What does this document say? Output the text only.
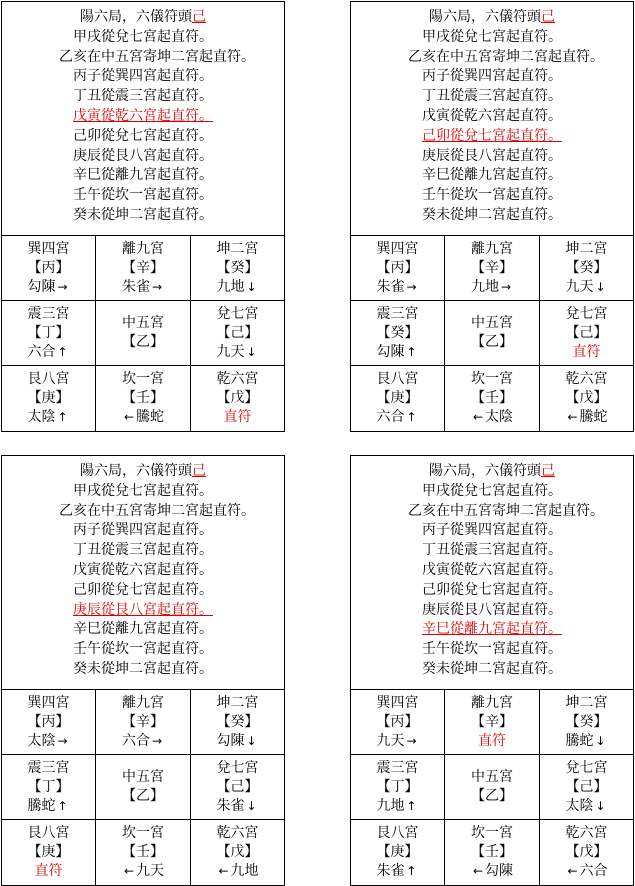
陽六局，六儀符頭己
甲戌從兌七宮起直符。
乙亥在中五宮寄坤二宮起直符。
丙子從巽四宮起直符。
丁丑從震三宮起直符。
戊寅從乾六宮起直符。
己卯從兌七宮起直符。
庚辰從艮八宮起直符。
辛巳從離九宮起直符。
壬午從坎一宮起直符。
癸未從坤二宮起直符。
巽四宮
【丙】
勾陳 →
離九宮
【辛】
朱雀 →
坤二宮
【癸】
九地 ↓
震三宮
【丁】
六合 ↑
中五宮
【乙】
兌七宮
【己】
九天 ↓
艮八宮
【庚】
太陰 ↑
坎一宮
【壬】
← 騰蛇
乾六宮
【戊】
直符
陽六局，六儀符頭己
甲戌從兌七宮起直符。
乙亥在中五宮寄坤二宮起直符。
丙子從巽四宮起直符。
丁丑從震三宮起直符。
戊寅從乾六宮起直符。
己卯從兌七宮起直符。
庚辰從艮八宮起直符。
辛巳從離九宮起直符。
壬午從坎一宮起直符。
癸未從坤二宮起直符。
巽四宮
【丙】
朱雀 →
離九宮
【辛】
九地 →
坤二宮
【癸】
九天 ↓
震三宮
【癸】
勾陳 ↑
中五宮
【乙】
兌七宮
【己】
直符
艮八宮
【庚】
六合 ↑
坎一宮
【壬】
← 太陰
乾六宮
【戊】
← 騰蛇
陽六局，六儀符頭己
甲戌從兌七宮起直符。
乙亥在中五宮寄坤二宮起直符。
丙子從巽四宮起直符。
丁丑從震三宮起直符。
戊寅從乾六宮起直符。
己卯從兌七宮起直符。
庚辰從艮八宮起直符。
辛巳從離九宮起直符。
壬午從坎一宮起直符。
癸未從坤二宮起直符。
巽四宮
【丙】
太陰 →
離九宮
【辛】
六合 →
坤二宮
【癸】
勾陳 ↓
震三宮
【丁】
騰蛇 ↑
中五宮
【乙】
兌七宮
【己】
朱雀 ↓
艮八宮
【庚】
直符
坎一宮
【壬】
← 九天
乾六宮
【戊】
← 九地
陽六局，六儀符頭己
甲戌從兌七宮起直符。
乙亥在中五宮寄坤二宮起直符。
丙子從巽四宮起直符。
丁丑從震三宮起直符。
戊寅從乾六宮起直符。
己卯從兌七宮起直符。
庚辰從艮八宮起直符。
辛巳從離九宮起直符。
壬午從坎一宮起直符。
癸未從坤二宮起直符。
巽四宮
【丙】
九天 →
離九宮
【辛】
直符
坤二宮
【癸】
騰蛇 ↓
震三宮
【丁】
九地 ↑
中五宮
【乙】
兌七宮
【己】
太陰 ↓
艮八宮
【庚】
朱雀 ↑
坎一宮
【壬】
← 勾陳
乾六宮
【戊】
← 六合
